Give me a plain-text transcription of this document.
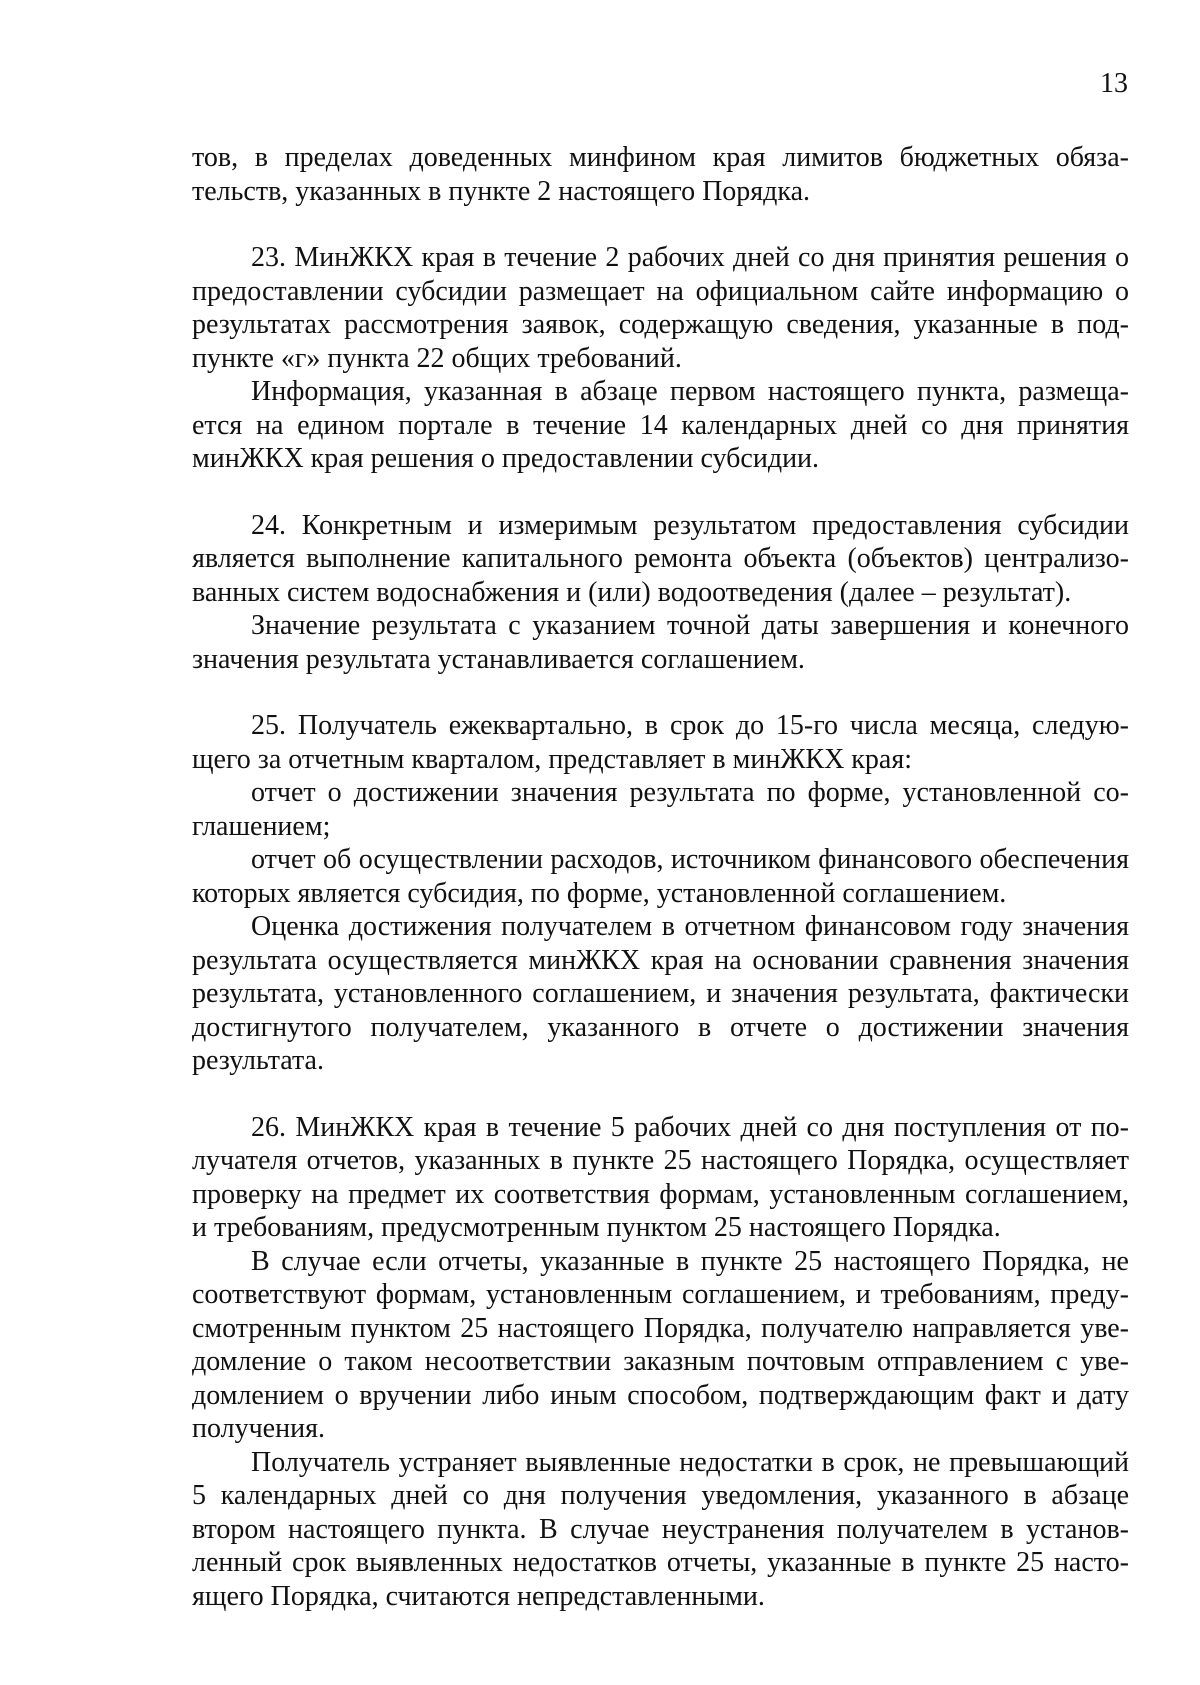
13

тов, в пределах доведенных минфином края лимитов бюджетных обязательств, указанных в пункте 2 настоящего Порядка.

23. МинЖКХ края в течение 2 рабочих дней со дня принятия решения о предоставлении субсидии размещает на официальном сайте информацию о результатах рассмотрения заявок, содержащую сведения, указанные в подпункте «г» пункта 22 общих требований.

Информация, указанная в абзаце первом настоящего пункта, размещается на едином портале в течение 14 календарных дней со дня принятия минЖКХ края решения о предоставлении субсидии.

24. Конкретным и измеримым результатом предоставления субсидии является выполнение капитального ремонта объекта (объектов) централизованных систем водоснабжения и (или) водоотведения (далее – результат).

Значение результата с указанием точной даты завершения и конечного значения результата устанавливается соглашением.

25. Получатель ежеквартально, в срок до 15-го числа месяца, следующего за отчетным кварталом, представляет в минЖКХ края:

отчет о достижении значения результата по форме, установленной соглашением;

отчет об осуществлении расходов, источником финансового обеспечения которых является субсидия, по форме, установленной соглашением.

Оценка достижения получателем в отчетном финансовом году значения результата осуществляется минЖКХ края на основании сравнения значения результата, установленного соглашением, и значения результата, фактически достигнутого получателем, указанного в отчете о достижении значения результата.

26. МинЖКХ края в течение 5 рабочих дней со дня поступления от получателя отчетов, указанных в пункте 25 настоящего Порядка, осуществляет проверку на предмет их соответствия формам, установленным соглашением, и требованиям, предусмотренным пунктом 25 настоящего Порядка.

В случае если отчеты, указанные в пункте 25 настоящего Порядка, не соответствуют формам, установленным соглашением, и требованиям, предусмотренным пунктом 25 настоящего Порядка, получателю направляется уведомление о таком несоответствии заказным почтовым отправлением с уведомлением о вручении либо иным способом, подтверждающим факт и дату получения.

Получатель устраняет выявленные недостатки в срок, не превышающий 5 календарных дней со дня получения уведомления, указанного в абзаце втором настоящего пункта. В случае неустранения получателем в установленный срок выявленных недостатков отчеты, указанные в пункте 25 настоящего Порядка, считаются непредставленными.
